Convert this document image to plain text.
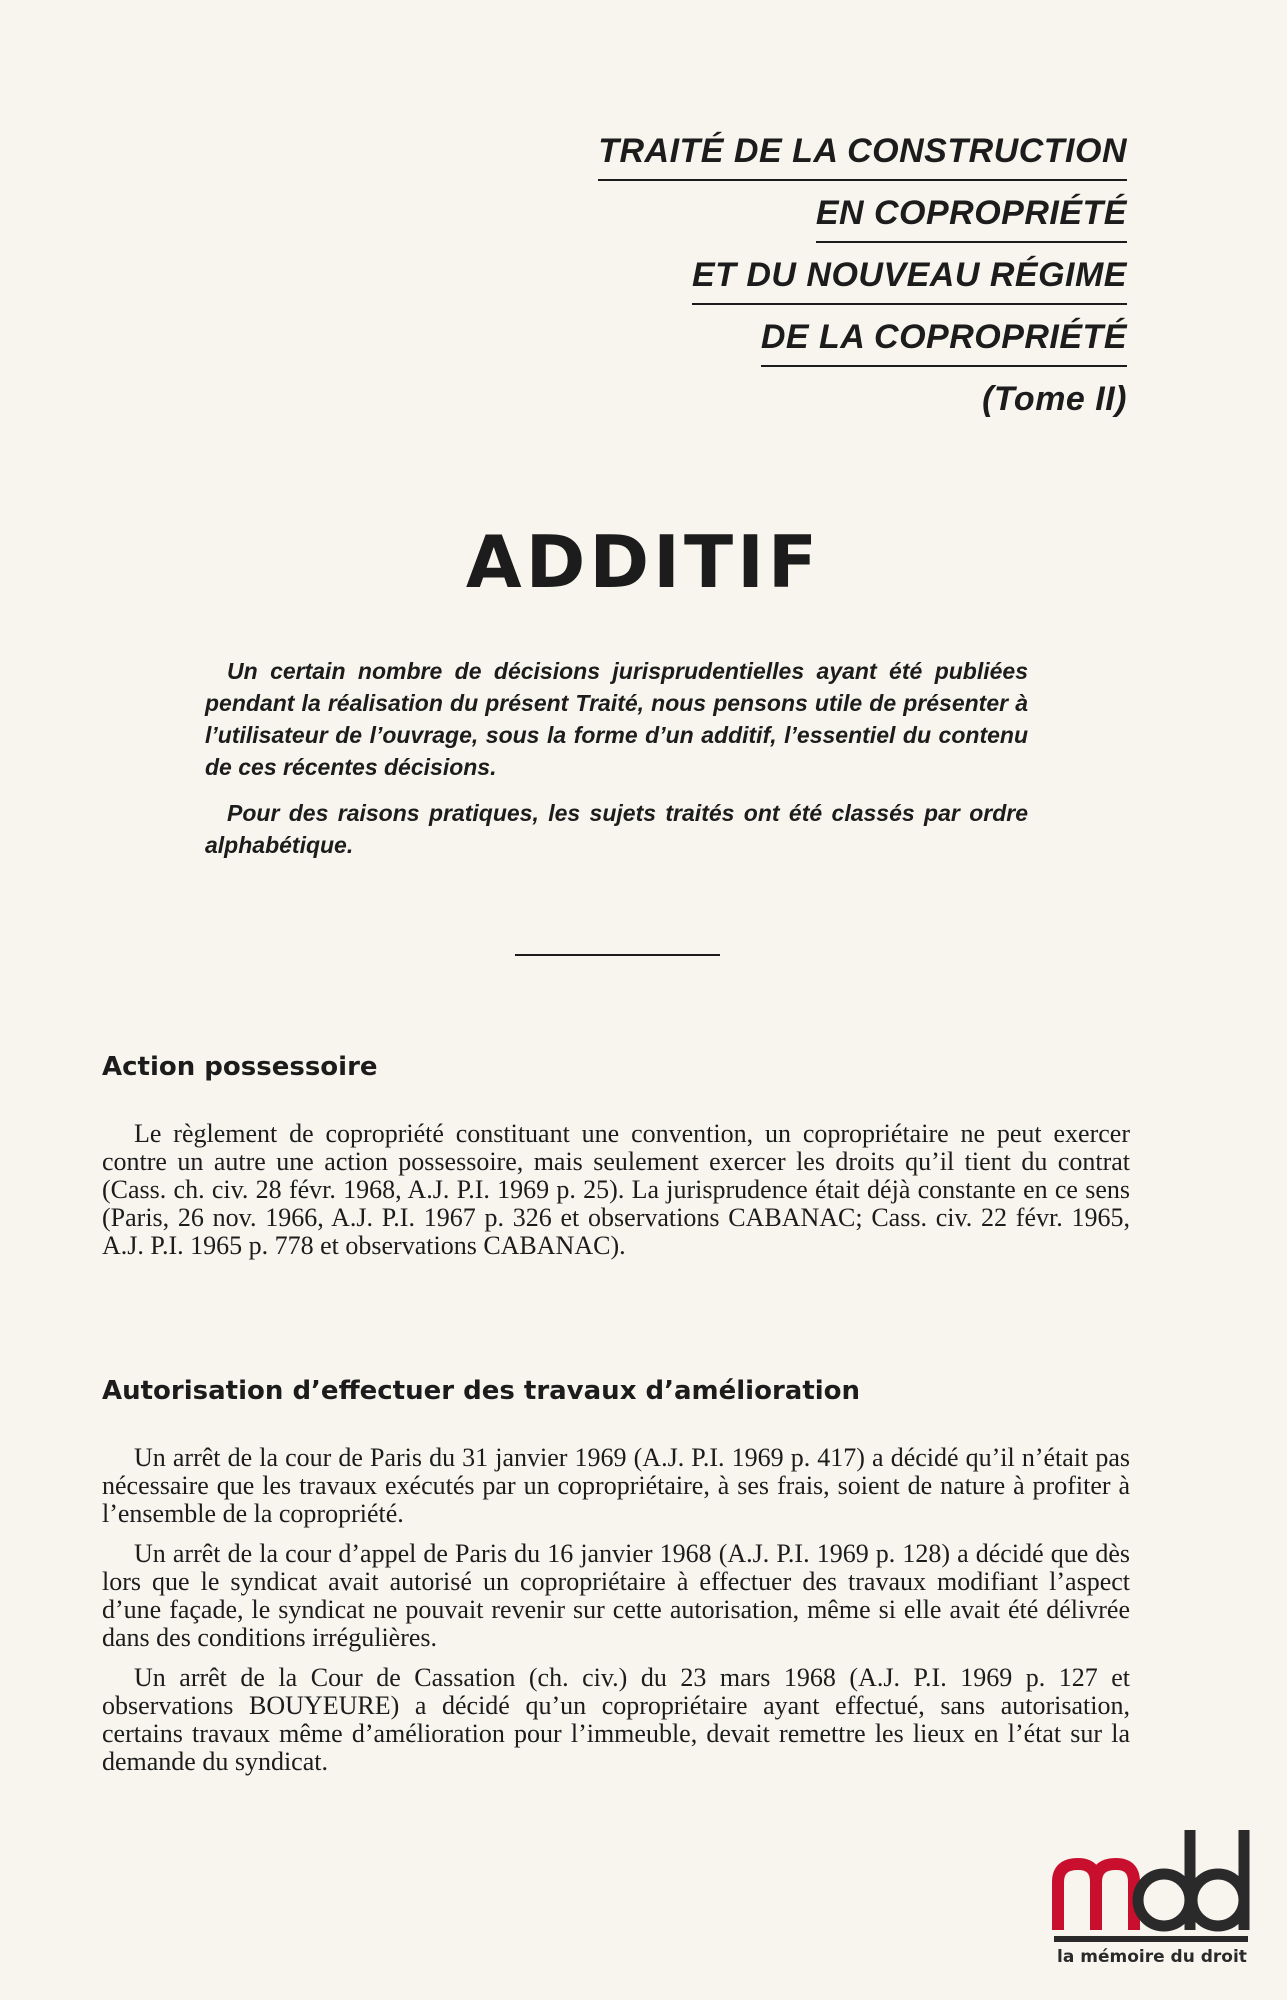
TRAITÉ DE LA CONSTRUCTION
EN COPROPRIÉTÉ
ET DU NOUVEAU RÉGIME
DE LA COPROPRIÉTÉ
(Tome II)
ADDITIF

Un certain nombre de décisions jurisprudentielles ayant été publiées pendant la réalisation du présent Traité, nous pensons utile de présenter à l’utilisateur de l’ouvrage, sous la forme d’un additif, l’essentiel du contenu de ces récentes décisions.

Pour des raisons pratiques, les sujets traités ont été classés par ordre alphabétique.

Action possessoire

Le règlement de copropriété constituant une convention, un copropriétaire ne peut exercer contre un autre une action possessoire, mais seulement exercer les droits qu’il tient du contrat (Cass. ch. civ. 28 févr. 1968, A.J. P.I. 1969 p. 25). La jurisprudence était déjà constante en ce sens (Paris, 26 nov. 1966, A.J. P.I. 1967 p. 326 et observations CABANAC; Cass. civ. 22 févr. 1965, A.J. P.I. 1965 p. 778 et observations CABANAC).

Autorisation d’effectuer des travaux d’amélioration

Un arrêt de la cour de Paris du 31 janvier 1969 (A.J. P.I. 1969 p. 417) a décidé qu’il n’était pas nécessaire que les travaux exécutés par un copropriétaire, à ses frais, soient de nature à profiter à l’ensemble de la copropriété.

Un arrêt de la cour d’appel de Paris du 16 janvier 1968 (A.J. P.I. 1969 p. 128) a décidé que dès lors que le syndicat avait autorisé un copropriétaire à effectuer des travaux modifiant l’aspect d’une façade, le syndicat ne pouvait revenir sur cette autorisation, même si elle avait été délivrée dans des conditions irrégulières.

Un arrêt de la Cour de Cassation (ch. civ.) du 23 mars 1968 (A.J. P.I. 1969 p. 127 et observations BOUYEURE) a décidé qu’un copropriétaire ayant effectué, sans autorisation, certains travaux même d’amélioration pour l’immeuble, devait remettre les lieux en l’état sur la demande du syndicat.

la mémoire du droit
